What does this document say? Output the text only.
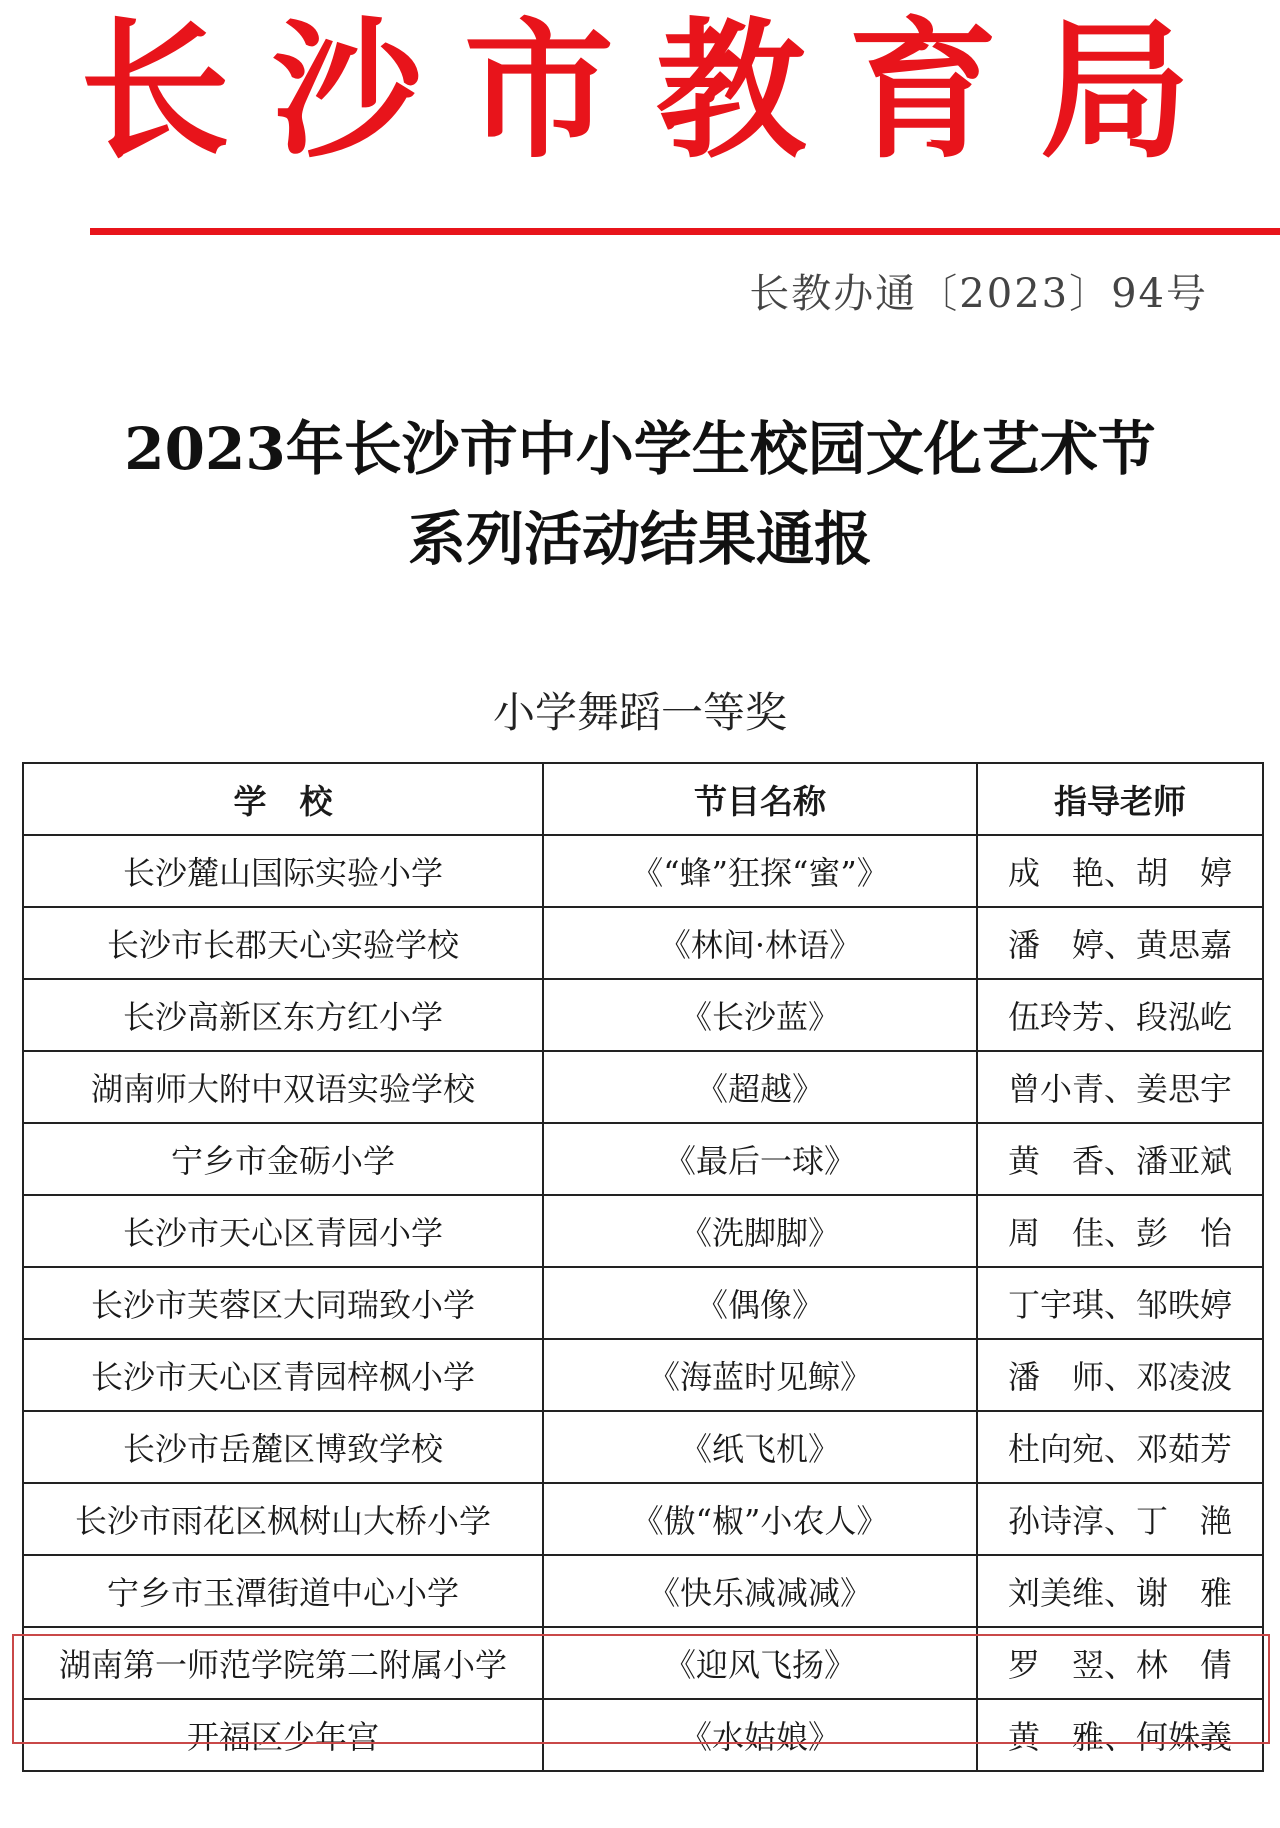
长 沙 市 教 育 局
长教办通〔2023〕94号
2023年长沙市中小学生校园文化艺术节
系列活动结果通报
小学舞蹈一等奖
学　校	节目名称	指导老师
长沙麓山国际实验小学	《“蜂”狂探“蜜”》	成　艳、胡　婷
长沙市长郡天心实验学校	《林间·林语》	潘　婷、黄思嘉
长沙高新区东方红小学	《长沙蓝》	伍玲芳、段泓屹
湖南师大附中双语实验学校	《超越》	曾小青、姜思宇
宁乡市金砺小学	《最后一球》	黄　香、潘亚斌
长沙市天心区青园小学	《洗脚脚》	周　佳、彭　怡
长沙市芙蓉区大同瑞致小学	《偶像》	丁宇琪、邹昳婷
长沙市天心区青园梓枫小学	《海蓝时见鲸》	潘　师、邓凌波
长沙市岳麓区博致学校	《纸飞机》	杜向宛、邓茹芳
长沙市雨花区枫树山大桥小学	《傲“椒”小农人》	孙诗淳、丁　滟
宁乡市玉潭街道中心小学	《快乐减减减》	刘美维、谢　雅
湖南第一师范学院第二附属小学	《迎风飞扬》	罗　翌、林　倩
开福区少年宫	《水姑娘》	黄　雅、何姝義
